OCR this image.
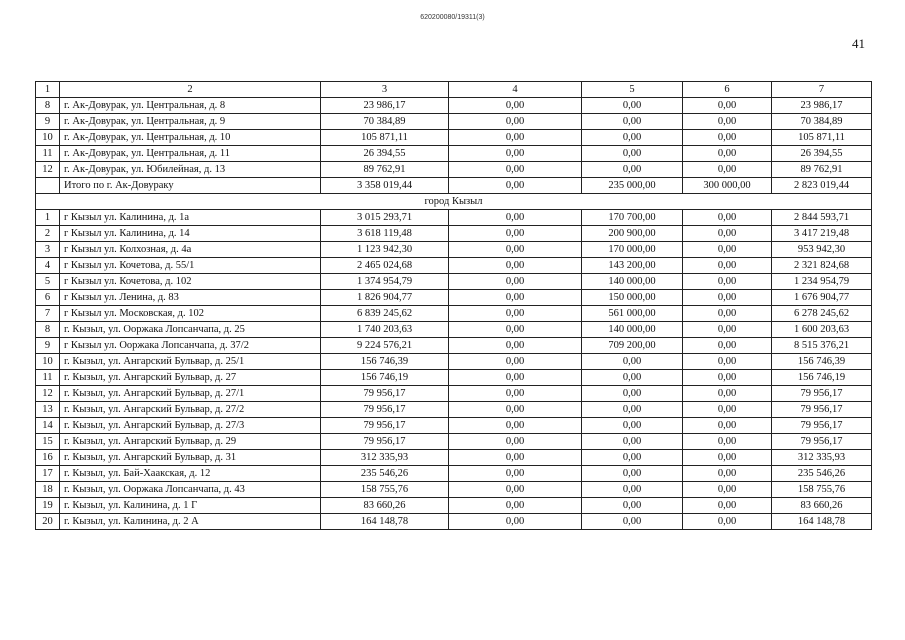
620200080/19311(3)
41
1	2	3	4	5	6	7
8	г. Ак-Довурак, ул. Центральная, д. 8	23 986,17	0,00	0,00	0,00	23 986,17
9	г. Ак-Довурак, ул. Центральная, д. 9	70 384,89	0,00	0,00	0,00	70 384,89
10	г. Ак-Довурак, ул. Центральная, д. 10	105 871,11	0,00	0,00	0,00	105 871,11
11	г. Ак-Довурак, ул. Центральная, д. 11	26 394,55	0,00	0,00	0,00	26 394,55
12	г. Ак-Довурак, ул. Юбилейная, д. 13	89 762,91	0,00	0,00	0,00	89 762,91
	Итого по г. Ак-Довураку	3 358 019,44	0,00	235 000,00	300 000,00	2 823 019,44
город Кызыл						
1	г Кызыл ул. Калинина, д. 1а	3 015 293,71	0,00	170 700,00	0,00	2 844 593,71
2	г Кызыл ул. Калинина, д. 14	3 618 119,48	0,00	200 900,00	0,00	3 417 219,48
3	г Кызыл ул. Колхозная, д. 4а	1 123 942,30	0,00	170 000,00	0,00	953 942,30
4	г Кызыл ул. Кочетова, д. 55/1	2 465 024,68	0,00	143 200,00	0,00	2 321 824,68
5	г Кызыл ул. Кочетова, д. 102	1 374 954,79	0,00	140 000,00	0,00	1 234 954,79
6	г Кызыл ул. Ленина, д. 83	1 826 904,77	0,00	150 000,00	0,00	1 676 904,77
7	г Кызыл ул. Московская, д. 102	6 839 245,62	0,00	561 000,00	0,00	6 278 245,62
8	г. Кызыл, ул. Ооржака Лопсанчапа, д. 25	1 740 203,63	0,00	140 000,00	0,00	1 600 203,63
9	г Кызыл ул. Ооржака Лопсанчапа, д. 37/2	9 224 576,21	0,00	709 200,00	0,00	8 515 376,21
10	г. Кызыл, ул. Ангарский Бульвар, д. 25/1	156 746,39	0,00	0,00	0,00	156 746,39
11	г. Кызыл, ул. Ангарский Бульвар, д. 27	156 746,19	0,00	0,00	0,00	156 746,19
12	г. Кызыл, ул. Ангарский Бульвар, д. 27/1	79 956,17	0,00	0,00	0,00	79 956,17
13	г. Кызыл, ул. Ангарский Бульвар, д. 27/2	79 956,17	0,00	0,00	0,00	79 956,17
14	г. Кызыл, ул. Ангарский Бульвар, д. 27/3	79 956,17	0,00	0,00	0,00	79 956,17
15	г. Кызыл, ул. Ангарский Бульвар, д. 29	79 956,17	0,00	0,00	0,00	79 956,17
16	г. Кызыл, ул. Ангарский Бульвар, д. 31	312 335,93	0,00	0,00	0,00	312 335,93
17	г. Кызыл, ул. Бай-Хаакская, д. 12	235 546,26	0,00	0,00	0,00	235 546,26
18	г. Кызыл, ул. Ооржака Лопсанчапа, д. 43	158 755,76	0,00	0,00	0,00	158 755,76
19	г. Кызыл, ул. Калинина, д. 1 Г	83 660,26	0,00	0,00	0,00	83 660,26
20	г. Кызыл, ул. Калинина, д. 2 А	164 148,78	0,00	0,00	0,00	164 148,78
